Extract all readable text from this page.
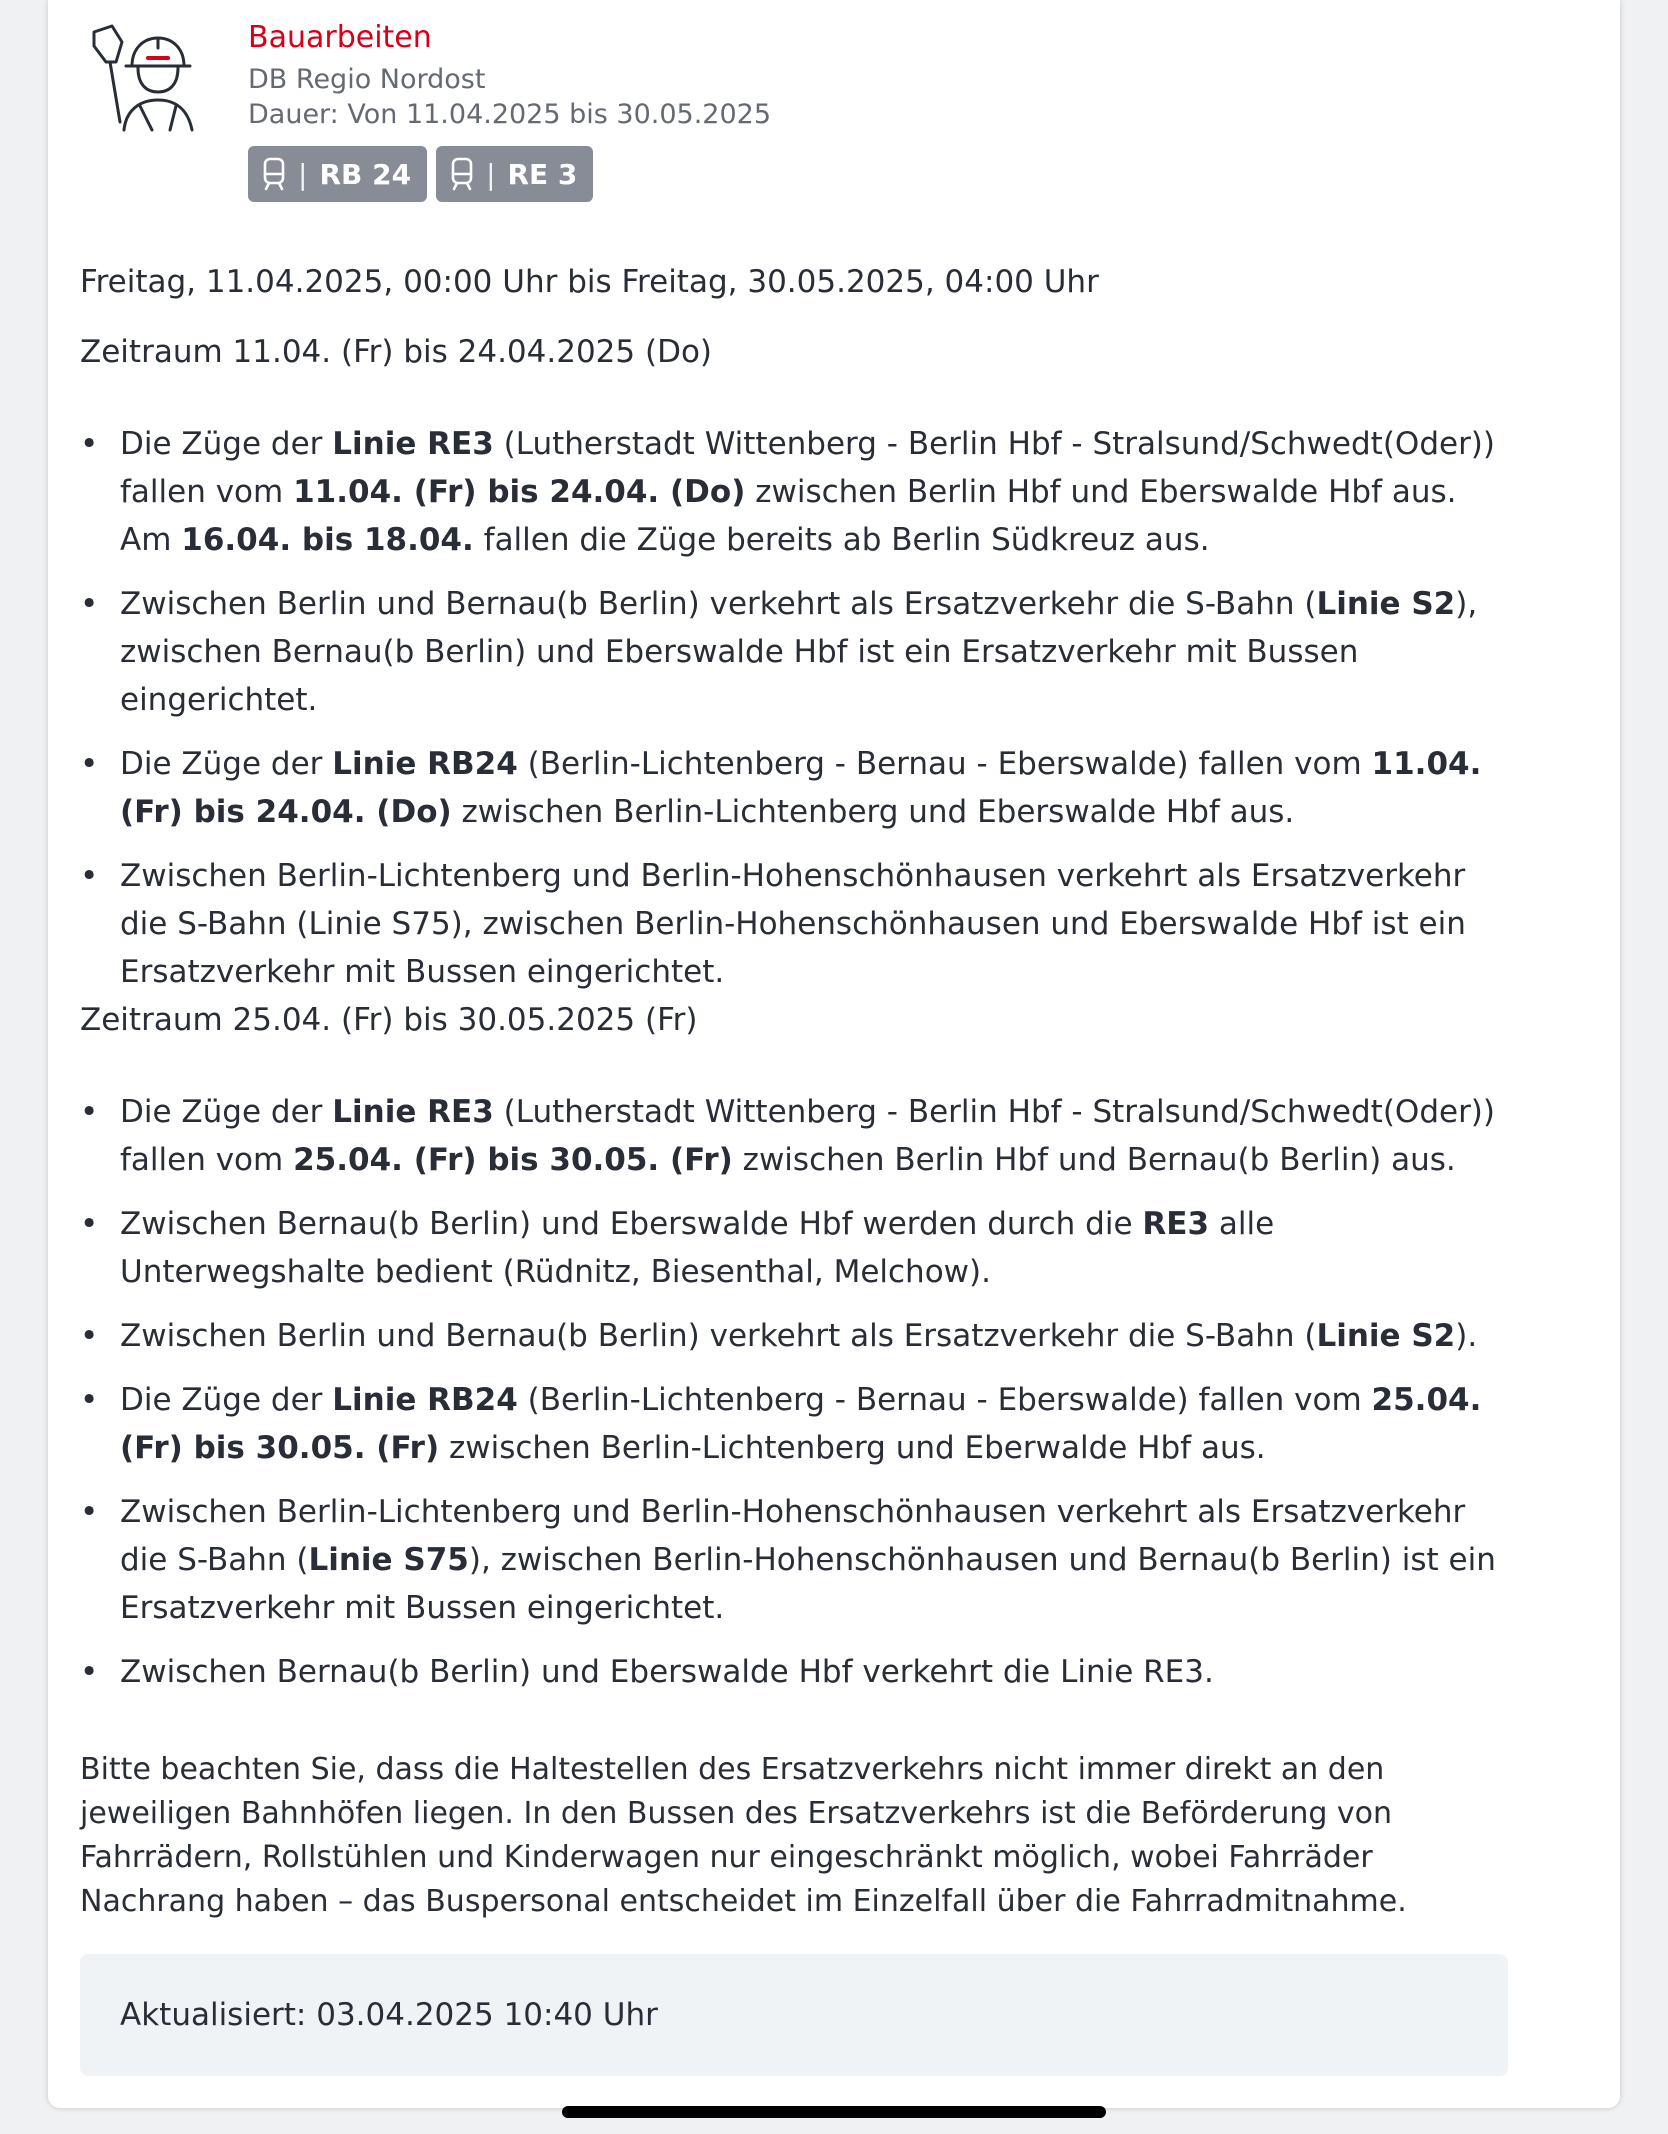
Bauarbeiten
DB Regio Nordost
Dauer: Von 11.04.2025 bis 30.05.2025
| RB 24	| RE 3

Freitag, 11.04.2025, 00:00 Uhr bis Freitag, 30.05.2025, 04:00 Uhr

Zeitraum 11.04. (Fr) bis 24.04.2025 (Do)

• Die Züge der Linie RE3 (Lutherstadt Wittenberg - Berlin Hbf - Stralsund/Schwedt(Oder)) fallen vom 11.04. (Fr) bis 24.04. (Do) zwischen Berlin Hbf und Eberswalde Hbf aus. Am 16.04. bis 18.04. fallen die Züge bereits ab Berlin Südkreuz aus.
• Zwischen Berlin und Bernau(b Berlin) verkehrt als Ersatzverkehr die S-Bahn (Linie S2), zwischen Bernau(b Berlin) und Eberswalde Hbf ist ein Ersatzverkehr mit Bussen eingerichtet.
• Die Züge der Linie RB24 (Berlin-Lichtenberg - Bernau - Eberswalde) fallen vom 11.04. (Fr) bis 24.04. (Do) zwischen Berlin-Lichtenberg und Eberswalde Hbf aus.
• Zwischen Berlin-Lichtenberg und Berlin-Hohenschönhausen verkehrt als Ersatzverkehr die S-Bahn (Linie S75), zwischen Berlin-Hohenschönhausen und Eberswalde Hbf ist ein Ersatzverkehr mit Bussen eingerichtet.

Zeitraum 25.04. (Fr) bis 30.05.2025 (Fr)

• Die Züge der Linie RE3 (Lutherstadt Wittenberg - Berlin Hbf - Stralsund/Schwedt(Oder)) fallen vom 25.04. (Fr) bis 30.05. (Fr) zwischen Berlin Hbf und Bernau(b Berlin) aus.
• Zwischen Bernau(b Berlin) und Eberswalde Hbf werden durch die RE3 alle Unterwegshalte bedient (Rüdnitz, Biesenthal, Melchow).
• Zwischen Berlin und Bernau(b Berlin) verkehrt als Ersatzverkehr die S-Bahn (Linie S2).
• Die Züge der Linie RB24 (Berlin-Lichtenberg - Bernau - Eberswalde) fallen vom 25.04. (Fr) bis 30.05. (Fr) zwischen Berlin-Lichtenberg und Eberwalde Hbf aus.
• Zwischen Berlin-Lichtenberg und Berlin-Hohenschönhausen verkehrt als Ersatzverkehr die S-Bahn (Linie S75), zwischen Berlin-Hohenschönhausen und Bernau(b Berlin) ist ein Ersatzverkehr mit Bussen eingerichtet.
• Zwischen Bernau(b Berlin) und Eberswalde Hbf verkehrt die Linie RE3.

Bitte beachten Sie, dass die Haltestellen des Ersatzverkehrs nicht immer direkt an den jeweiligen Bahnhöfen liegen. In den Bussen des Ersatzverkehrs ist die Beförderung von Fahrrädern, Rollstühlen und Kinderwagen nur eingeschränkt möglich, wobei Fahrräder Nachrang haben – das Buspersonal entscheidet im Einzelfall über die Fahrradmitnahme.

Aktualisiert: 03.04.2025 10:40 Uhr
